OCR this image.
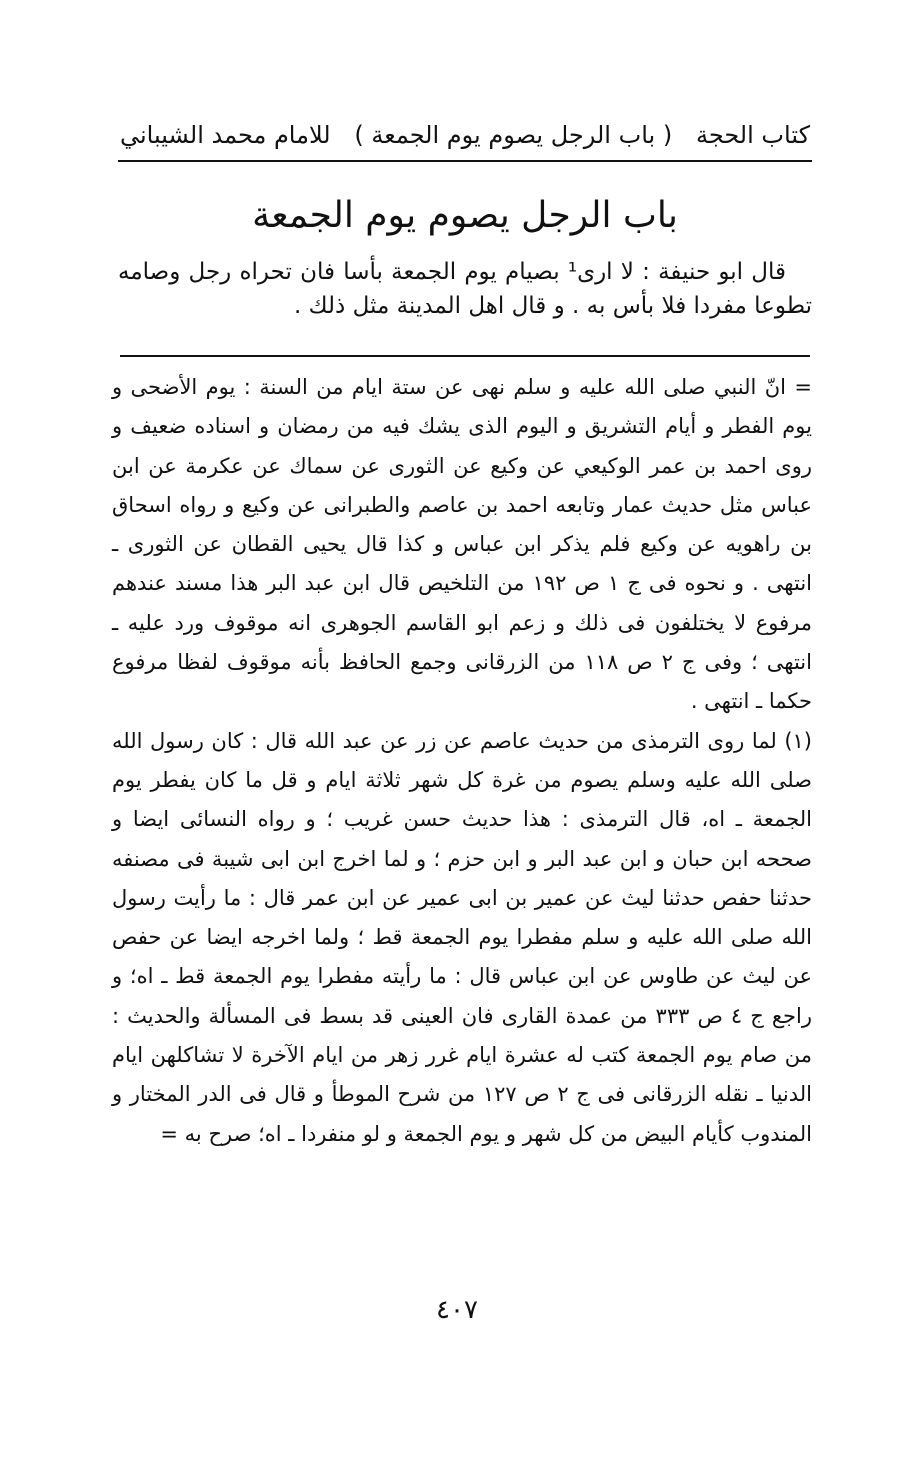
كتاب الحجة
( باب الرجل يصوم يوم الجمعة )
للامام محمد الشيباني
باب الرجل يصوم يوم الجمعة

قال ابو حنيفة : لا ارى¹ بصيام يوم الجمعة بأسا فان تحراه رجل وصامه تطوعا مفردا فلا بأس به . و قال اهل المدينة مثل ذلك .

= انّ النبي صلى الله عليه و سلم نهى عن ستة ايام من السنة : يوم الأضحى و يوم الفطر و أيام التشريق و اليوم الذى يشك فيه من رمضان و اسناده ضعيف و روى احمد بن عمر الوكيعي عن وكيع عن الثورى عن سماك عن عكرمة عن ابن عباس مثل حديث عمار وتابعه احمد بن عاصم والطبرانى عن وكيع و رواه اسحاق بن راهويه عن وكيع فلم يذكر ابن عباس و كذا قال يحيى القطان عن الثورى ـ انتهى . و نحوه فى ج ١ ص ١٩٢ من التلخيص قال ابن عبد البر هذا مسند عندهم مرفوع لا يختلفون فى ذلك و زعم ابو القاسم الجوهرى انه موقوف ورد عليه ـ انتهى ؛ وفى ج ٢ ص ١١٨ من الزرقانى وجمع الحافظ بأنه موقوف لفظا مرفوع حكما ـ انتهى .

(١) لما روى الترمذى من حديث عاصم عن زر عن عبد الله قال : كان رسول الله صلى الله عليه وسلم يصوم من غرة كل شهر ثلاثة ايام و قل ما كان يفطر يوم الجمعة ـ اه، قال الترمذى : هذا حديث حسن غريب ؛ و رواه النسائى ايضا و صححه ابن حبان و ابن عبد البر و ابن حزم ؛ و لما اخرج ابن ابى شيبة فى مصنفه حدثنا حفص حدثنا ليث عن عمير بن ابى عمير عن ابن عمر قال : ما رأيت رسول الله صلى الله عليه و سلم مفطرا يوم الجمعة قط ؛ ولما اخرجه ايضا عن حفص عن ليث عن طاوس عن ابن عباس قال : ما رأيته مفطرا يوم الجمعة قط ـ اه؛ و راجع ج ٤ ص ٣٣٣ من عمدة القارى فان العينى قد بسط فى المسألة والحديث : من صام يوم الجمعة كتب له عشرة ايام غرر زهر من ايام الآخرة لا تشاكلهن ايام الدنيا ـ نقله الزرقانى فى ج ٢ ص ١٢٧ من شرح الموطأ و قال فى الدر المختار و المندوب كأيام البيض من كل شهر و يوم الجمعة و لو منفردا ـ اه؛ صرح به =

٤٠٧
